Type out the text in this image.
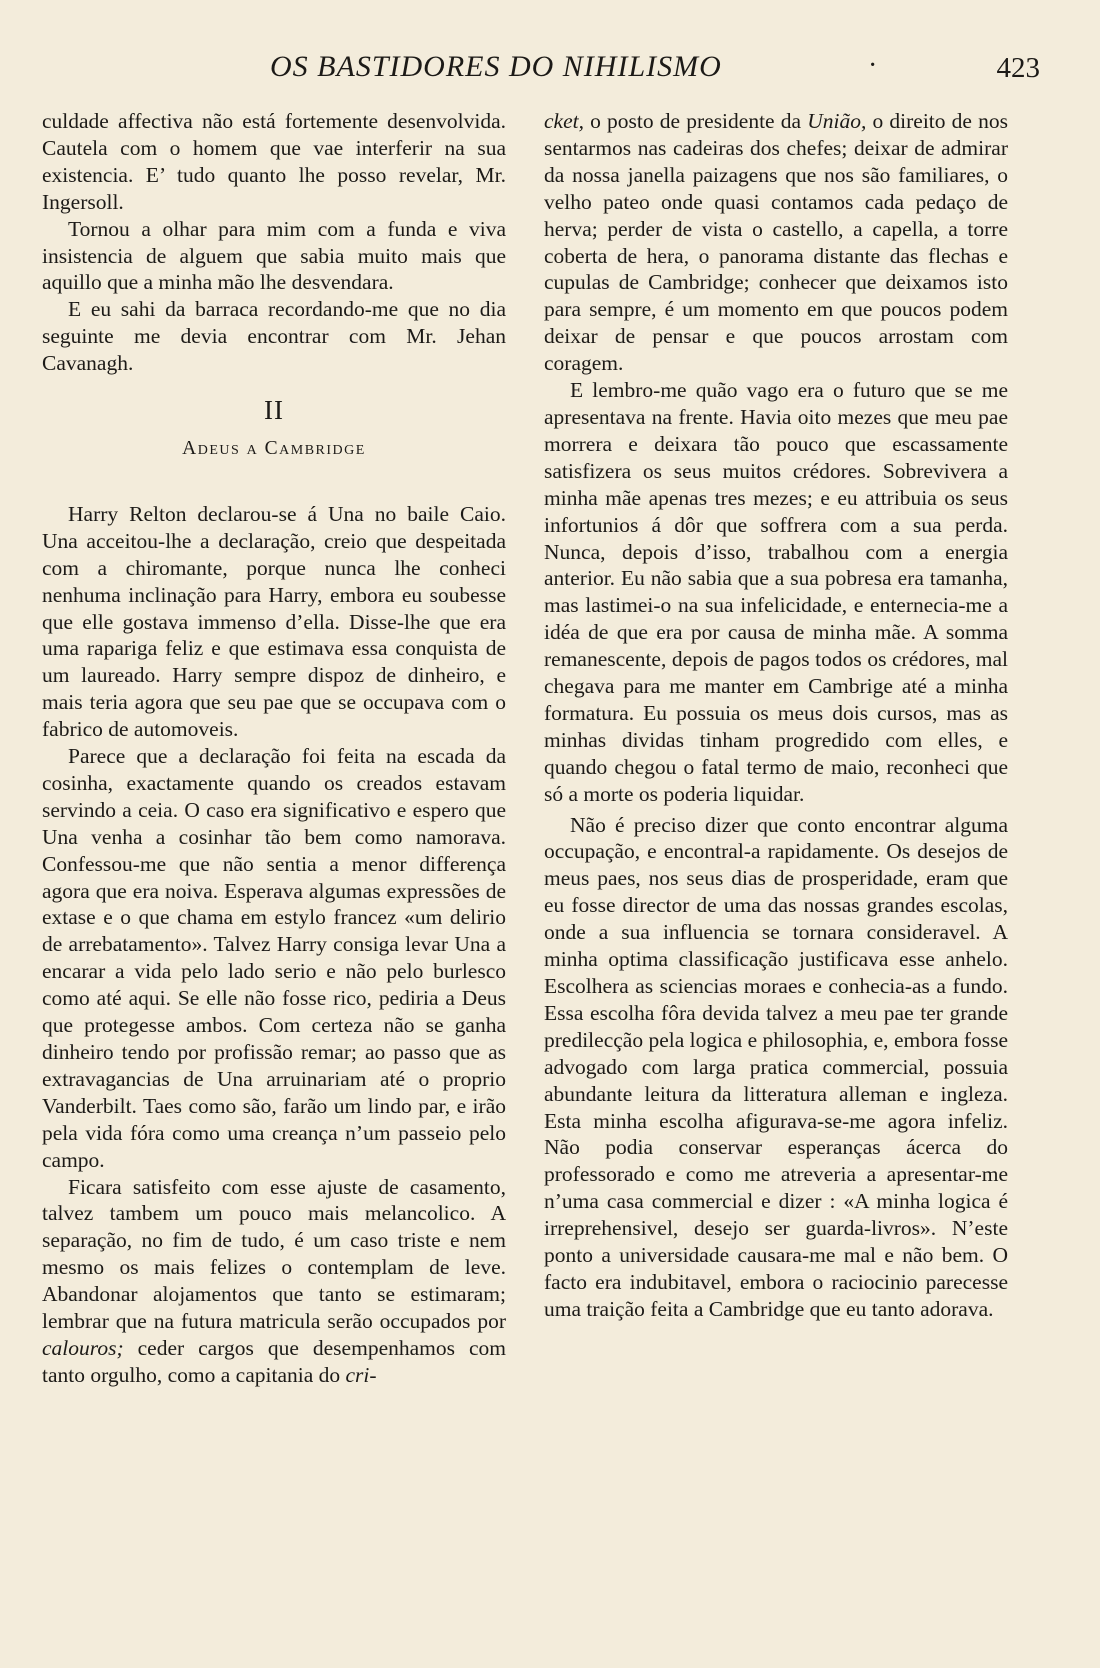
OS BASTIDORES DO NIHILISMO	·	423

culdade affectiva não está fortemente desenvolvida. Cautela com o homem que vae interferir na sua existencia. E’ tudo quanto lhe posso revelar, Mr. Ingersoll.

Tornou a olhar para mim com a funda e viva insistencia de alguem que sabia muito mais que aquillo que a minha mão lhe desvendara.

E eu sahi da barraca recordando-me que no dia seguinte me devia encontrar com Mr. Jehan Cavanagh.

II
Adeus a Cambridge

Harry Relton declarou-se á Una no baile Caio. Una acceitou-lhe a declaração, creio que despeitada com a chiromante, porque nunca lhe conheci nenhuma inclinação para Harry, embora eu soubesse que elle gostava immenso d’ella. Disse-lhe que era uma rapariga feliz e que estimava essa conquista de um laureado. Harry sempre dispoz de dinheiro, e mais teria agora que seu pae que se occupava com o fabrico de automoveis.

Parece que a declaração foi feita na escada da cosinha, exactamente quando os creados estavam servindo a ceia. O caso era significativo e espero que Una venha a cosinhar tão bem como namorava. Confessou-me que não sentia a menor differença agora que era noiva. Esperava algumas expressões de extase e o que chama em estylo francez «um delirio de arrebatamento». Talvez Harry consiga levar Una a encarar a vida pelo lado serio e não pelo burlesco como até aqui. Se elle não fosse rico, pediria a Deus que protegesse ambos. Com certeza não se ganha dinheiro tendo por profissão remar; ao passo que as extravagancias de Una arruinariam até o proprio Vanderbilt. Taes como são, farão um lindo par, e irão pela vida fóra como uma creança n’um passeio pelo campo.

Ficara satisfeito com esse ajuste de casamento, talvez tambem um pouco mais melancolico. A separação, no fim de tudo, é um caso triste e nem mesmo os mais felizes o contemplam de leve. Abandonar alojamentos que tanto se estimaram; lembrar que na futura matricula serão occupados por calouros; ceder cargos que desempenhamos com tanto orgulho, como a capitania do cri-

cket, o posto de presidente da União, o direito de nos sentarmos nas cadeiras dos chefes; deixar de admirar da nossa janella paizagens que nos são familiares, o velho pateo onde quasi contamos cada pedaço de herva; perder de vista o castello, a capella, a torre coberta de hera, o panorama distante das flechas e cupulas de Cambridge; conhecer que deixamos isto para sempre, é um momento em que poucos podem deixar de pensar e que poucos arrostam com coragem.

E lembro-me quão vago era o futuro que se me apresentava na frente. Havia oito mezes que meu pae morrera e deixara tão pouco que escassamente satisfizera os seus muitos crédores. Sobrevivera a minha mãe apenas tres mezes; e eu attribuia os seus infortunios á dôr que soffrera com a sua perda. Nunca, depois d’isso, trabalhou com a energia anterior. Eu não sabia que a sua pobresa era tamanha, mas lastimei-o na sua infelicidade, e enternecia-me a idéa de que era por causa de minha mãe. A somma remanescente, depois de pagos todos os crédores, mal chegava para me manter em Cambrige até a minha formatura. Eu possuia os meus dois cursos, mas as minhas dividas tinham progredido com elles, e quando chegou o fatal termo de maio, reconheci que só a morte os poderia liquidar.

Não é preciso dizer que conto encontrar alguma occupação, e encontral-a rapidamente. Os desejos de meus paes, nos seus dias de prosperidade, eram que eu fosse director de uma das nossas grandes escolas, onde a sua influencia se tornara consideravel. A minha optima classificação justificava esse anhelo. Escolhera as sciencias moraes e conhecia-as a fundo. Essa escolha fôra devida talvez a meu pae ter grande predilecção pela logica e philosophia, e, embora fosse advogado com larga pratica commercial, possuia abundante leitura da litteratura alleman e ingleza. Esta minha escolha afigurava-se-me agora infeliz. Não podia conservar esperanças ácerca do professorado e como me atreveria a apresentar-me n’uma casa commercial e dizer : «A minha logica é irreprehensivel, desejo ser guarda-livros». N’este ponto a universidade causara-me mal e não bem. O facto era indubitavel, embora o raciocinio parecesse uma traição feita a Cambridge que eu tanto adorava.
